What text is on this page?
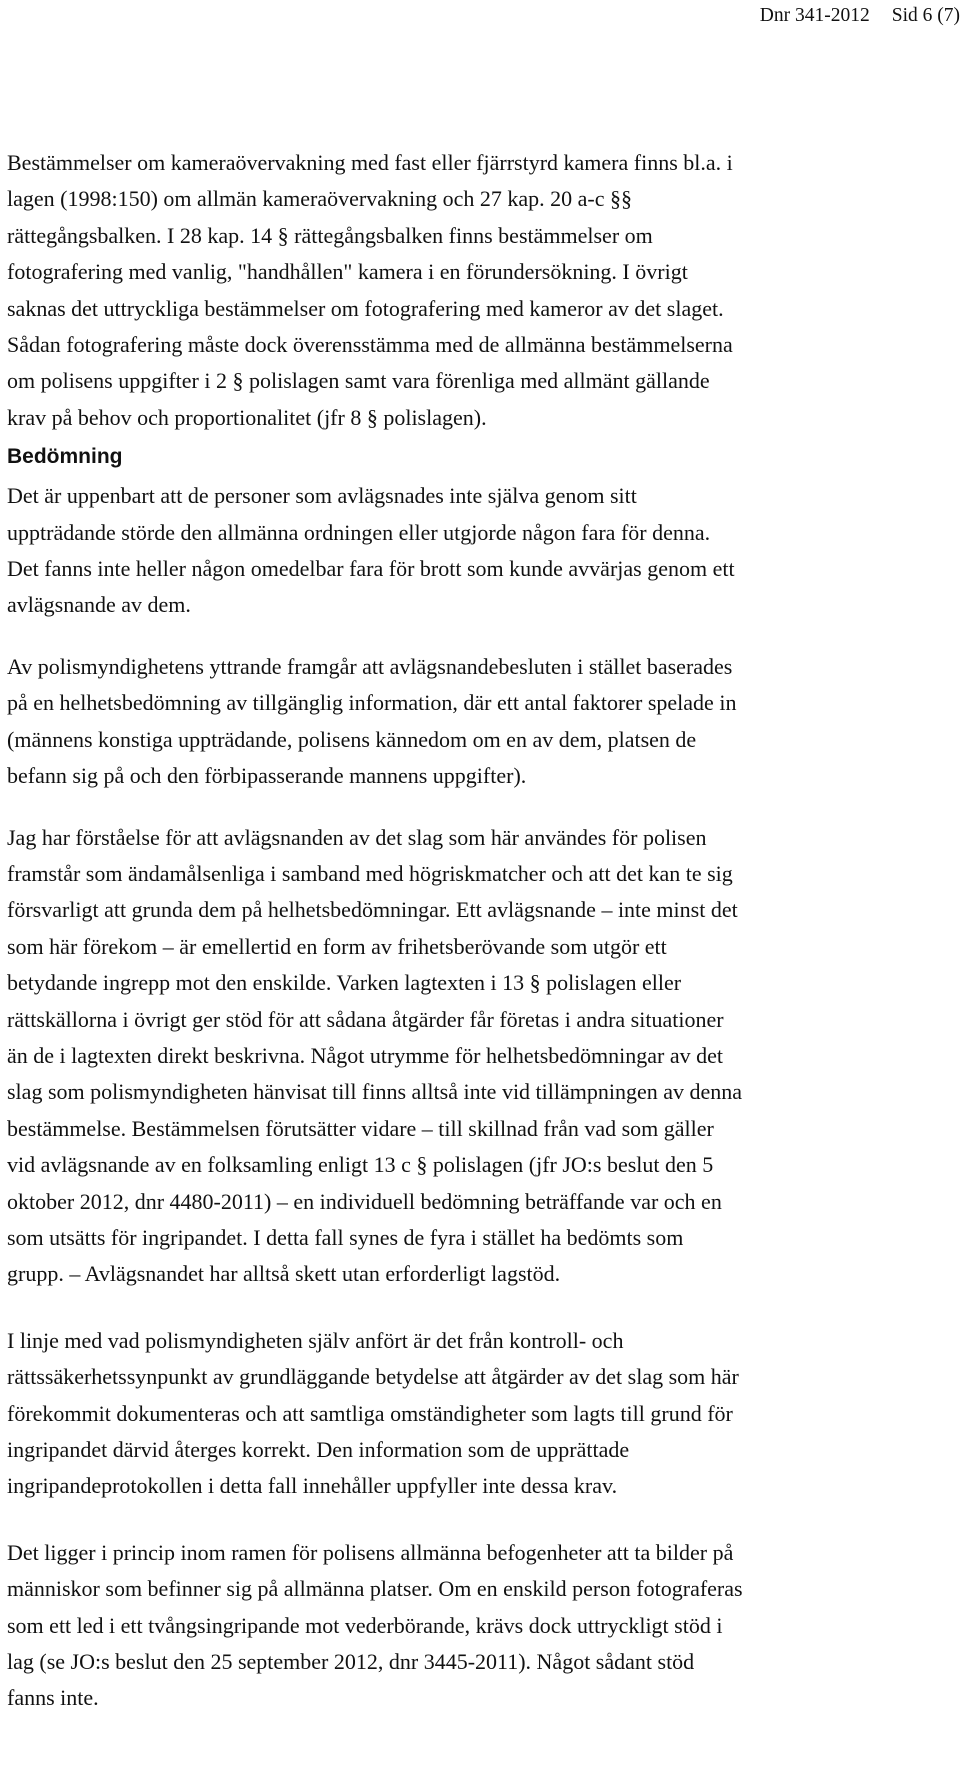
Dnr 341-2012 Sid 6 (7)

Bestämmelser om kameraövervakning med fast eller fjärrstyrd kamera finns bl.a. i
lagen (1998:150) om allmän kameraövervakning och 27 kap. 20 a-c §§
rättegångsbalken. I 28 kap. 14 § rättegångsbalken finns bestämmelser om
fotografering med vanlig, "handhållen" kamera i en förundersökning. I övrigt
saknas det uttryckliga bestämmelser om fotografering med kameror av det slaget.
Sådan fotografering måste dock överensstämma med de allmänna bestämmelserna
om polisens uppgifter i 2 § polislagen samt vara förenliga med allmänt gällande
krav på behov och proportionalitet (jfr 8 § polislagen).

Bedömning

Det är uppenbart att de personer som avlägsnades inte själva genom sitt
uppträdande störde den allmänna ordningen eller utgjorde någon fara för denna.
Det fanns inte heller någon omedelbar fara för brott som kunde avvärjas genom ett
avlägsnande av dem.

Av polismyndighetens yttrande framgår att avlägsnandebesluten i stället baserades
på en helhetsbedömning av tillgänglig information, där ett antal faktorer spelade in
(männens konstiga uppträdande, polisens kännedom om en av dem, platsen de
befann sig på och den förbipasserande mannens uppgifter).

Jag har förståelse för att avlägsnanden av det slag som här användes för polisen
framstår som ändamålsenliga i samband med högriskmatcher och att det kan te sig
försvarligt att grunda dem på helhetsbedömningar. Ett avlägsnande – inte minst det
som här förekom – är emellertid en form av frihetsberövande som utgör ett
betydande ingrepp mot den enskilde. Varken lagtexten i 13 § polislagen eller
rättskällorna i övrigt ger stöd för att sådana åtgärder får företas i andra situationer
än de i lagtexten direkt beskrivna. Något utrymme för helhetsbedömningar av det
slag som polismyndigheten hänvisat till finns alltså inte vid tillämpningen av denna
bestämmelse. Bestämmelsen förutsätter vidare – till skillnad från vad som gäller
vid avlägsnande av en folksamling enligt 13 c § polislagen (jfr JO:s beslut den 5
oktober 2012, dnr 4480-2011) – en individuell bedömning beträffande var och en
som utsätts för ingripandet. I detta fall synes de fyra i stället ha bedömts som
grupp. – Avlägsnandet har alltså skett utan erforderligt lagstöd.

I linje med vad polismyndigheten själv anfört är det från kontroll- och
rättssäkerhetssynpunkt av grundläggande betydelse att åtgärder av det slag som här
förekommit dokumenteras och att samtliga omständigheter som lagts till grund för
ingripandet därvid återges korrekt. Den information som de upprättade
ingripandeprotokollen i detta fall innehåller uppfyller inte dessa krav.

Det ligger i princip inom ramen för polisens allmänna befogenheter att ta bilder på
människor som befinner sig på allmänna platser. Om en enskild person fotograferas
som ett led i ett tvångsingripande mot vederbörande, krävs dock uttryckligt stöd i
lag (se JO:s beslut den 25 september 2012, dnr 3445-2011). Något sådant stöd
fanns inte.
